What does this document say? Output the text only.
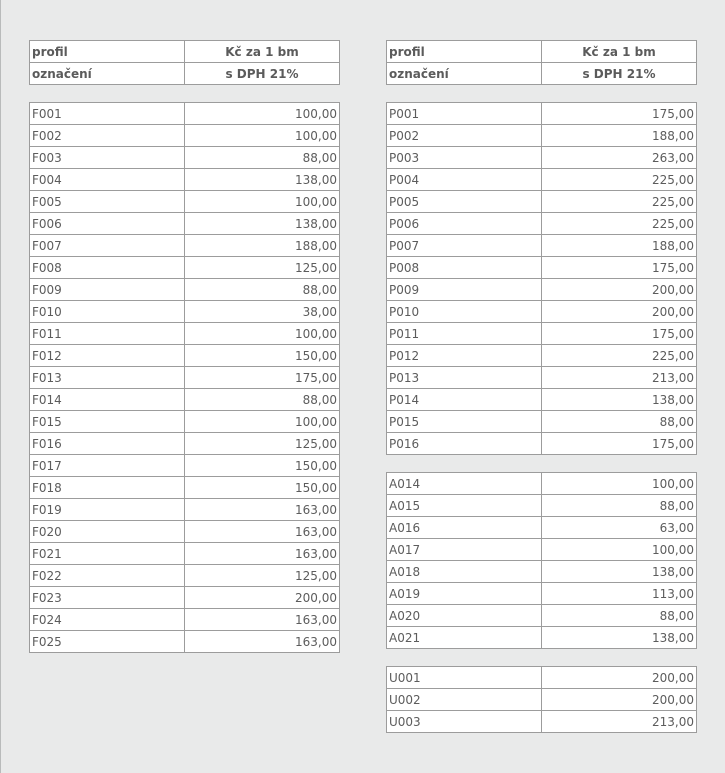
profil	Kč za 1 bm
označení	s DPH 21%
profil	Kč za 1 bm
označení	s DPH 21%
F001	100,00
F002	100,00
F003	88,00
F004	138,00
F005	100,00
F006	138,00
F007	188,00
F008	125,00
F009	88,00
F010	38,00
F011	100,00
F012	150,00
F013	175,00
F014	88,00
F015	100,00
F016	125,00
F017	150,00
F018	150,00
F019	163,00
F020	163,00
F021	163,00
F022	125,00
F023	200,00
F024	163,00
F025	163,00
P001	175,00
P002	188,00
P003	263,00
P004	225,00
P005	225,00
P006	225,00
P007	188,00
P008	175,00
P009	200,00
P010	200,00
P011	175,00
P012	225,00
P013	213,00
P014	138,00
P015	88,00
P016	175,00
A014	100,00
A015	88,00
A016	63,00
A017	100,00
A018	138,00
A019	113,00
A020	88,00
A021	138,00
U001	200,00
U002	200,00
U003	213,00
